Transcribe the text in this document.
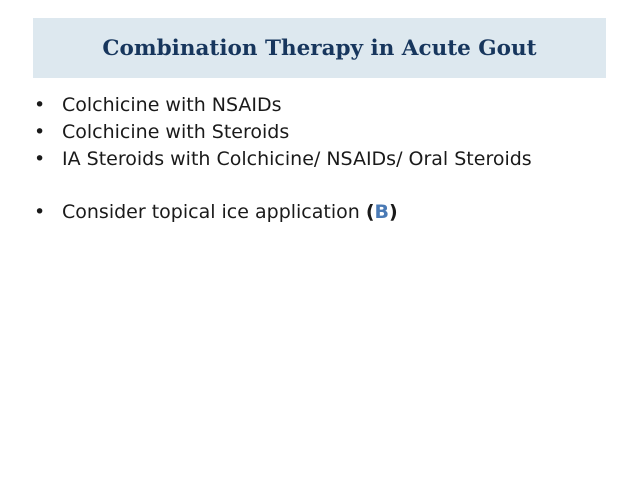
Combination Therapy in Acute Gout
• Colchicine with NSAIDs
• Colchicine with Steroids
• IA Steroids with Colchicine/ NSAIDs/ Oral Steroids
• Consider topical ice application (B)
